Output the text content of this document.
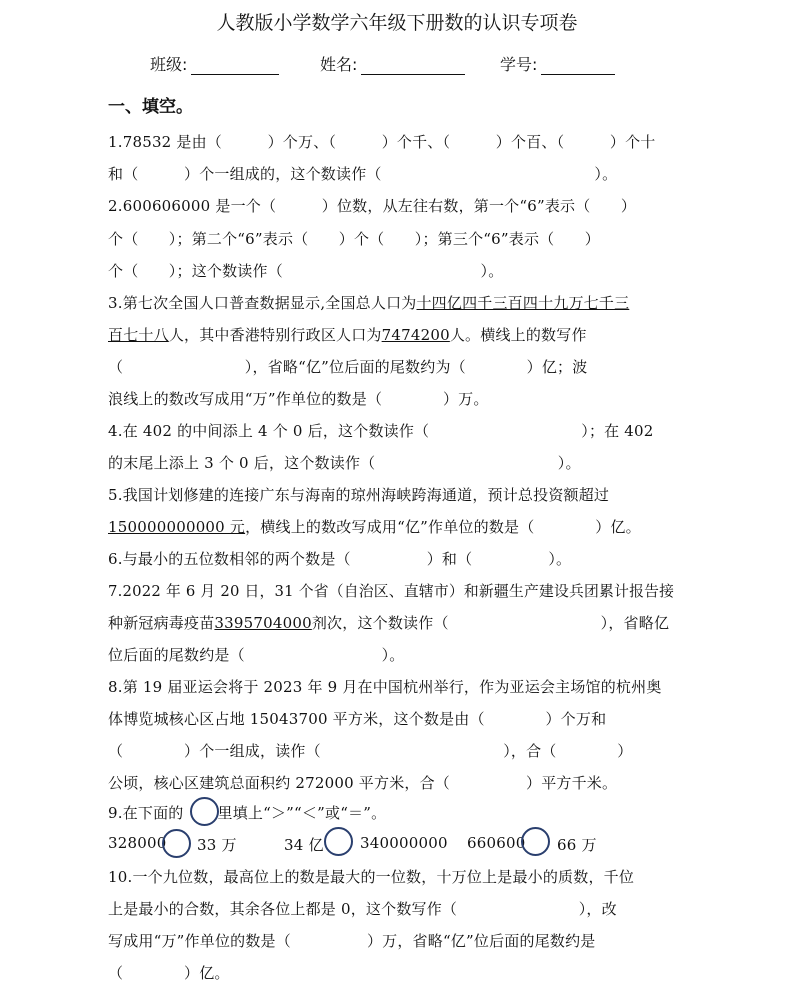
人教版小学数学六年级下册数的认识专项卷
班级:	姓名:	学号:
一、填空。
1.78532 是由（　　　）个万、（　　　）个千、（　　　）个百、（　　　）个十
和（　　　）个一组成的，这个数读作（　　　　　　　　　　　　　　）。
2.600606000 是一个（　　　）位数，从左往右数，第一个“6”表示（　　）
个（　　）；第二个“6”表示（　　）个（　　）；第三个“6”表示（　　）
个（　　）；这个数读作（　　　　　　　　　　　　　）。
3.第七次全国人口普查数据显示,全国总人口为十四亿四千三百四十九万七千三
百七十八人，其中香港特别行政区人口为7474200人。横线上的数写作
（　　　　　　　　），省略“亿”位后面的尾数约为（　　　　）亿；波
浪线上的数改写成用“万”作单位的数是（　　　　）万。
4.在 402 的中间添上 4 个 0 后，这个数读作（　　　　　　　　　　）；在 402
的末尾上添上 3 个 0 后，这个数读作（　　　　　　　　　　　　）。
5.我国计划修建的连接广东与海南的琼州海峡跨海通道，预计总投资额超过
150000000000 元，横线上的数改写成用“亿”作单位的数是（　　　　）亿。
6.与最小的五位数相邻的两个数是（　　　　　）和（　　　　　）。
7.2022 年 6 月 20 日，31 个省（自治区、直辖市）和新疆生产建设兵团累计报告接
种新冠病毒疫苗3395704000剂次，这个数读作（　　　　　　　　　　），省略亿
位后面的尾数约是（　　　　　　　　　）。
8.第 19 届亚运会将于 2023 年 9 月在中国杭州举行，作为亚运会主场馆的杭州奥
体博览城核心区占地 15043700 平方米，这个数是由（　　　　）个万和
（　　　　）个一组成，读作（　　　　　　　　　　　　），合（　　　　）
公顷，核心区建筑总面积约 272000 平方米，合（　　　　　）平方千米。
9.在下面的 里填上“＞”“＜”或“＝”。
328000 33 万	34 亿 340000000 660600 66 万
10.一个九位数，最高位上的数是最大的一位数，十万位上是最小的质数，千位
上是最小的合数，其余各位上都是 0，这个数写作（　　　　　　　　），改
写成用“万”作单位的数是（　　　　　）万，省略“亿”位后面的尾数约是
（　　　　）亿。
